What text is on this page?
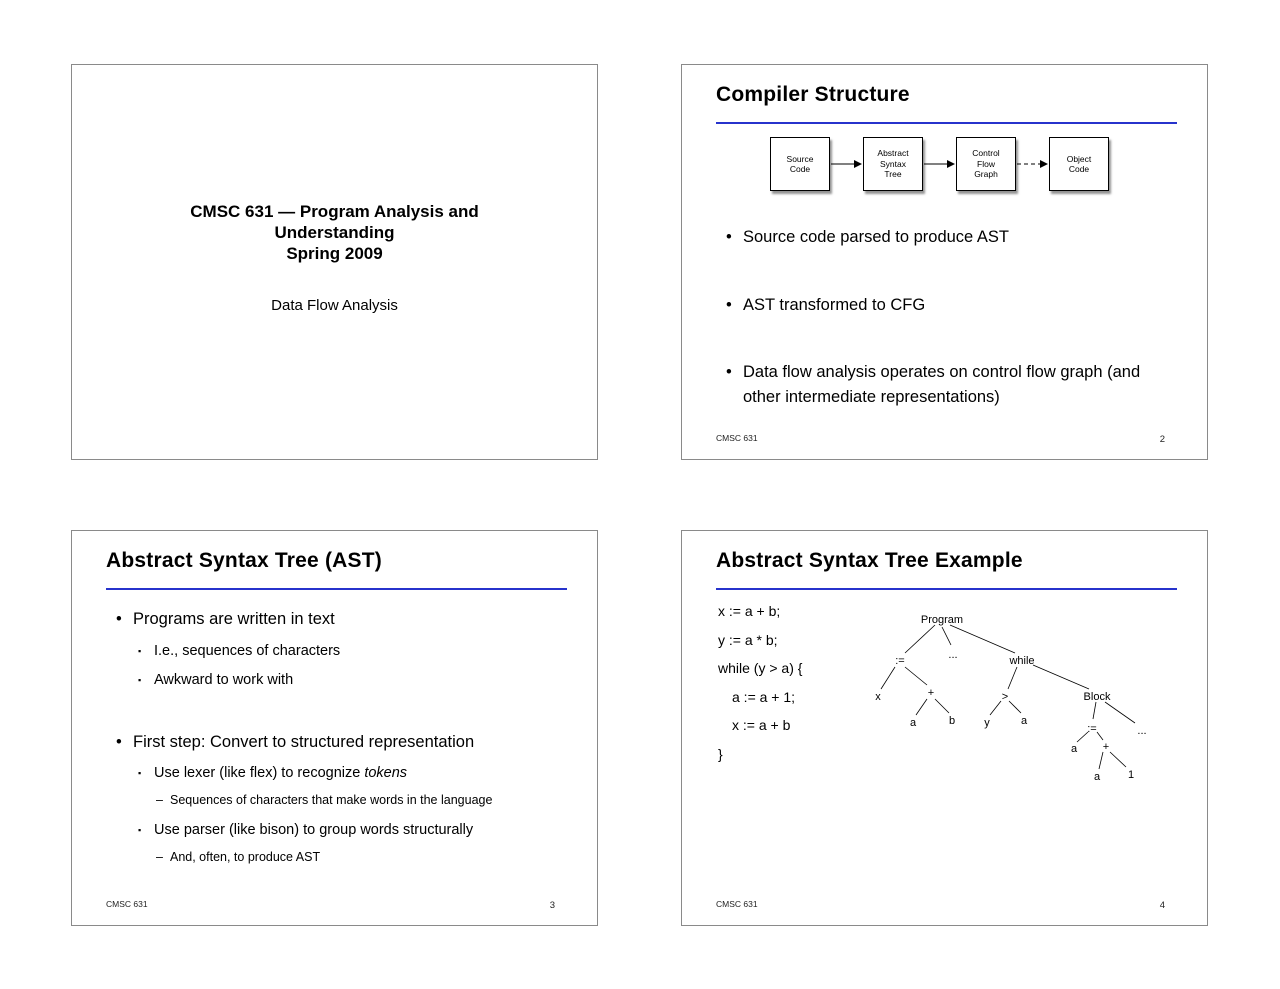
CMSC 631 — Program Analysis and
Understanding
Spring 2009
Data Flow Analysis
Compiler Structure
Source
Code
Abstract
Syntax
Tree
Control
Flow
Graph
Object
Code
• Source code parsed to produce AST
• AST transformed to CFG
• Data flow analysis operates on control flow graph (and other intermediate representations)
CMSC 631	2
Abstract Syntax Tree (AST)
• Programs are written in text
▪ I.e., sequences of characters
▪ Awkward to work with
• First step: Convert to structured representation
▪ Use lexer (like flex) to recognize tokens
– Sequences of characters that make words in the language
▪ Use parser (like bison) to group words structurally
– And, often, to produce AST
CMSC 631	3
Abstract Syntax Tree Example
x := a + b;
y := a * b;
while (y > a) {
a := a + 1;
x := a + b
}
Program
:=	...	while
x	+
a	b
>	Block
y	a
:=	...
a +
a	1
CMSC 631	4
